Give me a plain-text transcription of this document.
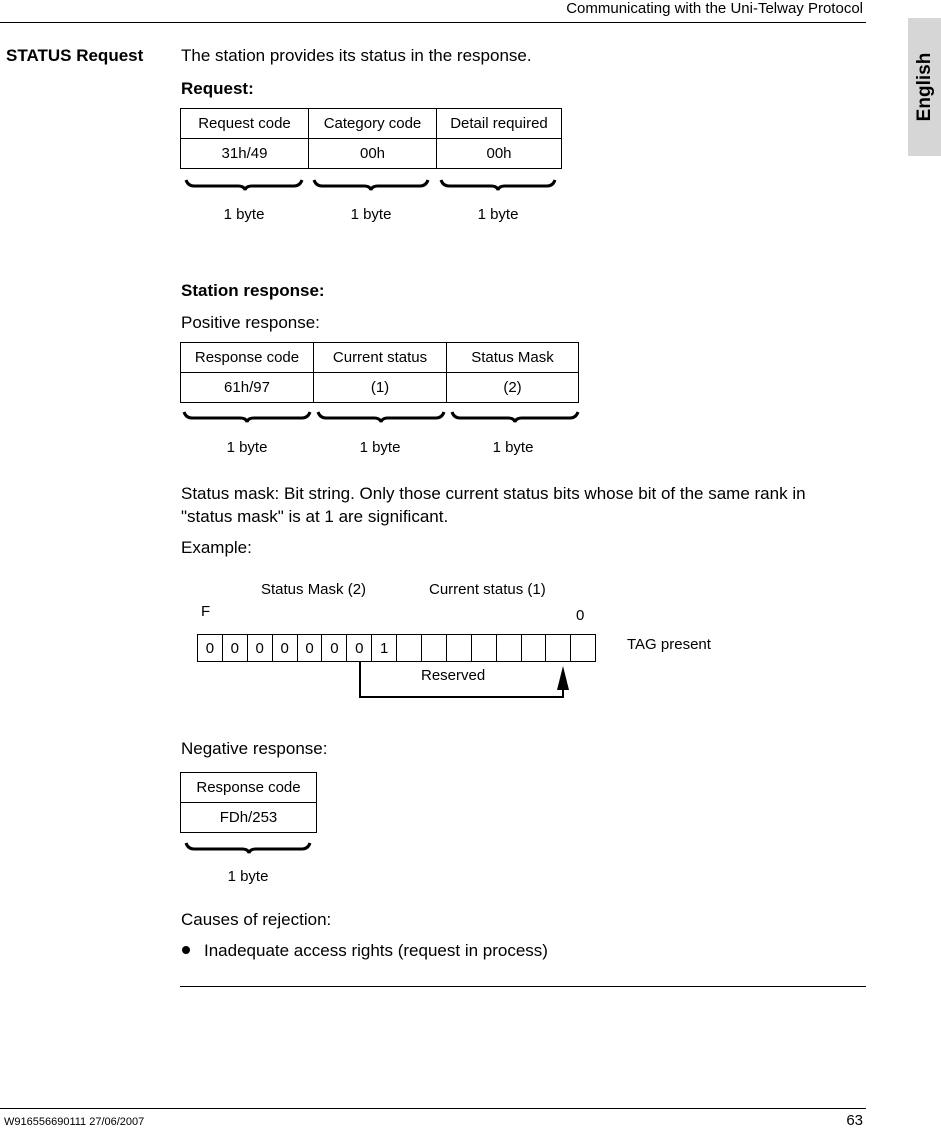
Communicating with the Uni-Telway Protocol
English
STATUS Request The station provides its status in the response.
Request:
Request code	Category code	Detail required
31h/49	00h	00h
1 byte	1 byte	1 byte
Station response:
Positive response:
Response code	Current status	Status Mask
61h/97	(1)	(2)
1 byte	1 byte	1 byte
Status mask: Bit string. Only those current status bits whose bit of the same rank in
"status mask" is at 1 are significant.
Example:
Status Mask (2)	Current status (1)
F	0
0	0	0	0	0	0	0	1									TAG present
Reserved
Negative response:
Response code
FDh/253
1 byte
Causes of rejection:
Inadequate access rights (request in process)
W916556690111 27/06/2007	63
